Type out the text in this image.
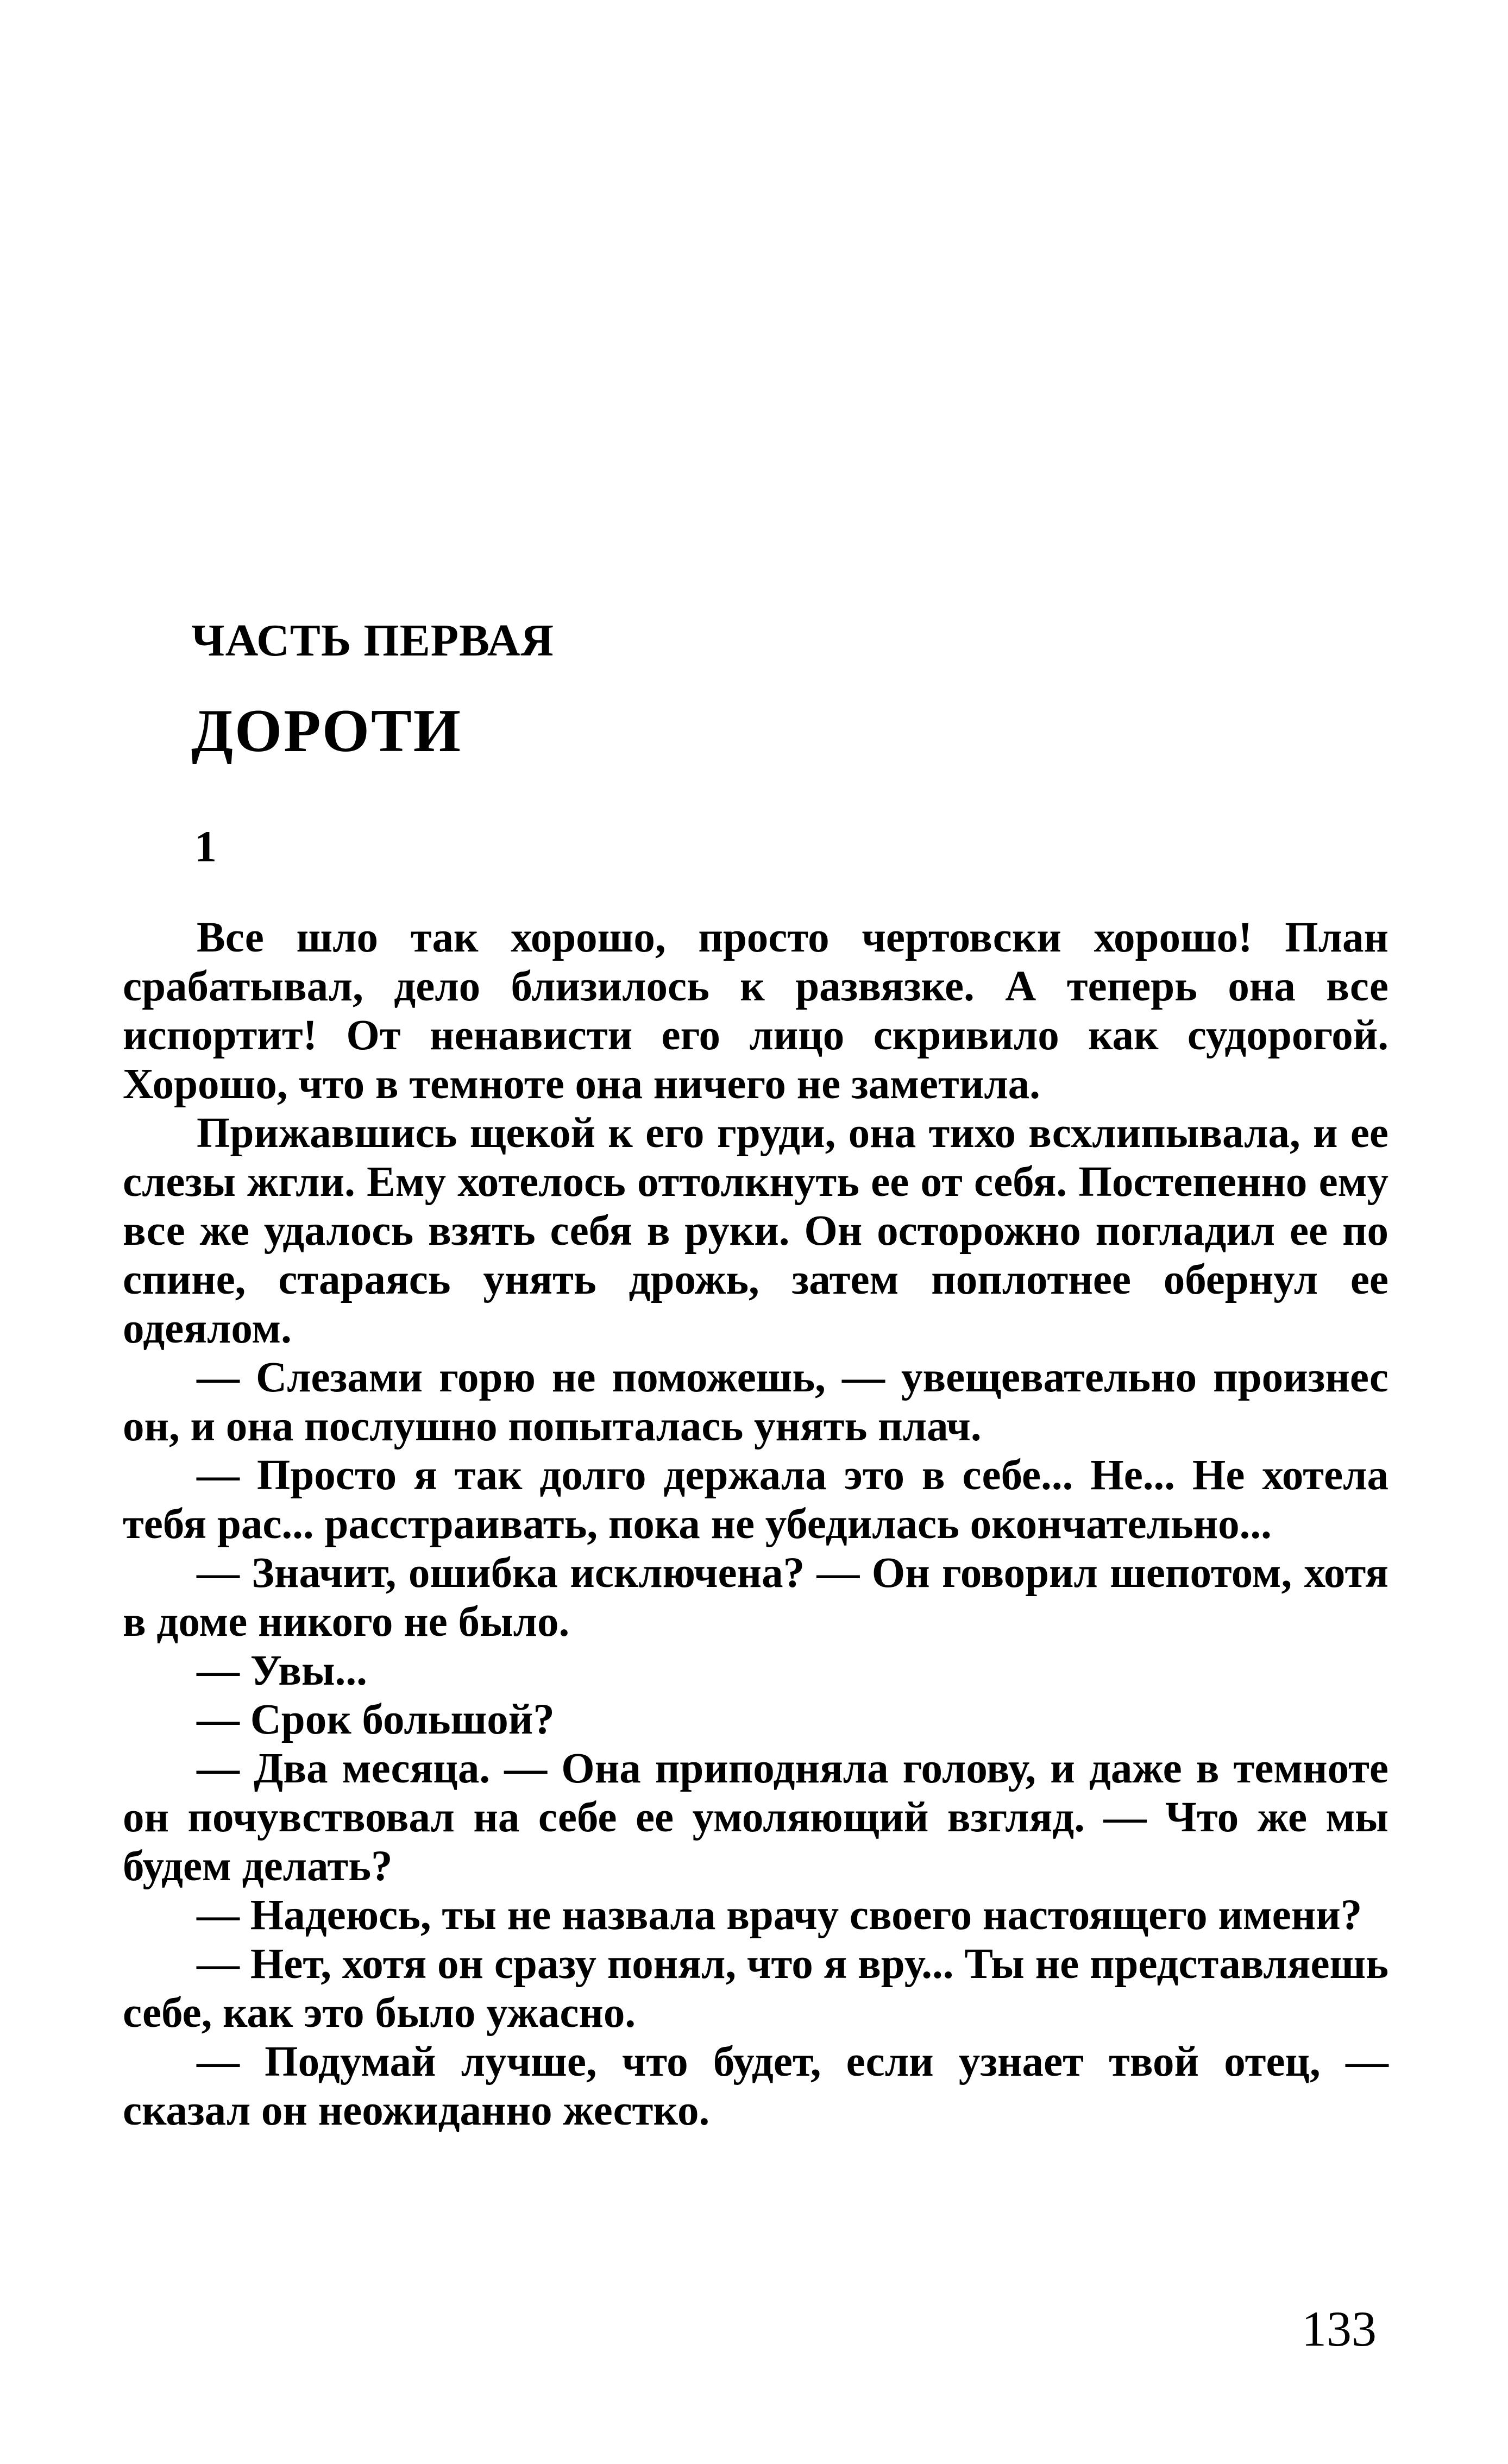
ЧАСТЬ ПЕРВАЯ
ДОРОТИ
1

Все шло так хорошо, просто чертовски хорошо! План срабатывал, дело близилось к развязке. А теперь она все испортит! От ненависти его лицо скривило как судорогой. Хорошо, что в темноте она ничего не заметила.

Прижавшись щекой к его груди, она тихо всхлипывала, и ее слезы жгли. Ему хотелось оттолкнуть ее от себя. Постепенно ему все же удалось взять себя в руки. Он осторожно погладил ее по спине, стараясь унять дрожь, затем поплотнее обернул ее одеялом.

— Слезами горю не поможешь, — увещевательно произнес он, и она послушно попыталась унять плач.

— Просто я так долго держала это в себе... Не... Не хотела тебя рас... расстраивать, пока не убедилась окончательно...

— Значит, ошибка исключена? — Он говорил шепотом, хотя в доме никого не было.

— Увы...

— Срок большой?

— Два месяца. — Она приподняла голову, и даже в темноте он почувствовал на себе ее умоляющий взгляд. — Что же мы будем делать?

— Надеюсь, ты не назвала врачу своего настоящего имени?

— Нет, хотя он сразу понял, что я вру... Ты не представляешь себе, как это было ужасно.

— Подумай лучше, что будет, если узнает твой отец, — сказал он неожиданно жестко.

133
